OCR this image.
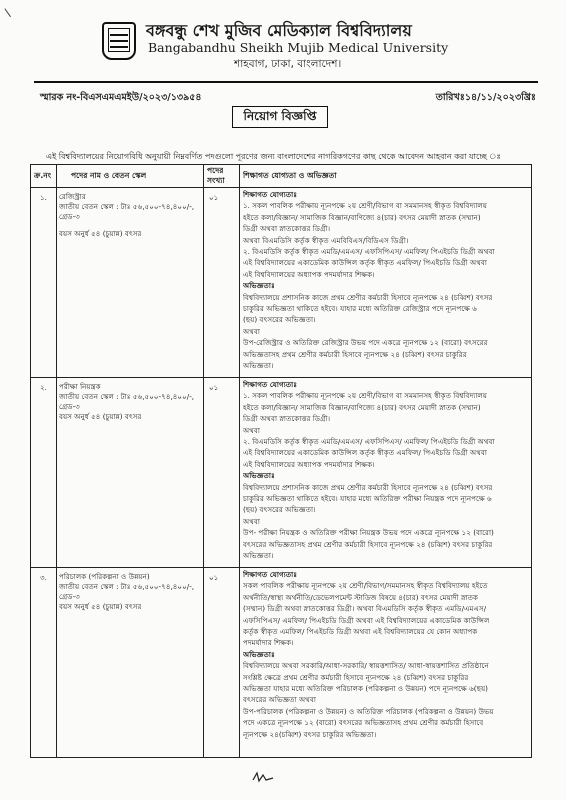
বঙ্গবন্ধু শেখ মুজিব মেডিক্যাল বিশ্ববিদ্যালয়
Bangabandhu Sheikh Mujib Medical University
শাহবাগ, ঢাকা, বাংলাদেশ।
স্মারক নং-বিএসএমএমইউ/২০২৩/১৩৯৫৪	তারিখঃ১৪/১১/২০২৩খ্রিঃ
নিয়োগ বিজ্ঞপ্তি
এই বিশ্ববিদ্যালয়ের নিয়োগবিধি অনুযায়ী নিম্নবর্ণিত পদগুলো পূরণের জন্য বাংলাদেশের নাগরিকগণের কাছ থেকে আবেদন আহবান করা যাচ্ছে ঃ
ক্র.নং	পদের নাম ও বেতন স্কেল
পদের
সংখ্যা
শিক্ষাগত যোগ্যতা ও অভিজ্ঞতা
১. রেজিস্ট্রার
জাতীয় বেতন স্কেল : টাঃ ৫৬,৫০০-৭৪,৪০০/-,
গ্রেড-৩
বয়স অনুর্ধ ৫৪ (চুয়ান্ন) বৎসর
০১
২. পরীক্ষা নিয়ন্ত্রক
জাতীয় বেতন স্কেল : টাঃ ৫৬,৫০০-৭৪,৪০০/-,
গ্রেড-৩
বয়স অনুর্ধ ৫৪ (চুয়ান্ন) বৎসর
০১
৩. পরিচালক (পরিকল্পনা ও উন্নয়ন)
জাতীয় বেতন স্কেল : টাঃ ৫৬,৫০০-৭৪,৪০০/-,
গ্রেড-৩
বয়স অনুর্ধ ৫৪ (চুয়ান্ন) বৎসর
০১
শিক্ষাগত যোগ্যতাঃ
১. সকল পাবলিক পরীক্ষায় ন্যূনপক্ষে ২য় শ্রেণী/বিভাগ বা সমমানসহ স্বীকৃত বিশ্ববিদ্যালয়
হইতে কলা/বিজ্ঞান/ সামাজিক বিজ্ঞান/বাণিজ্যে ৪(চার) বৎসর মেয়াদী স্নাতক (সম্মান)
ডিগ্রী অথবা স্নাতকোত্তর ডিগ্রী।
অথবা বিএমডিসি কর্তৃক স্বীকৃত এমবিবিএস/বিডিএস ডিগ্রী।
২. বিএমডিসি কর্তৃক স্বীকৃত এমডি/এমএস/ এফসিপিএস/ এমফিল/ পিএইচডি ডিগ্রী অথবা
এই বিশ্ববিদ্যালয়ের একাডেমিক কাউন্সিল কর্তৃক স্বীকৃত এমফিল/ পিএইচডি ডিগ্রী অথবা
এই বিশ্ববিদ্যালয়ের অধ্যাপক পদমর্যাদার শিক্ষক।
অভিজ্ঞতাঃ
বিশ্ববিদ্যালয়ে প্রশাসনিক কাজে প্রথম শ্রেণীর কর্মচারী হিসাবে ন্যূনপক্ষে ২৪ (চব্বিশ) বৎসর
চাকুরির অভিজ্ঞতা থাকিতে হইবে। যাহার মধ্যে অতিরিক্ত রেজিস্ট্রার পদে ন্যূনপক্ষে ৬
(ছয়) বৎসরের অভিজ্ঞতা।
অথবা
উপ-রেজিস্ট্রার ও অতিরিক্ত রেজিস্ট্রার উভয় পদে একত্রে ন্যূনপক্ষে ১২ (বারো) বৎসরের
অভিজ্ঞতাসহ প্রথম শ্রেণীর কর্মচারী হিসাবে ন্যূনপক্ষে ২৪ (চব্বিশ) বৎসর চাকুরির
অভিজ্ঞতা।
শিক্ষাগত যোগ্যতাঃ
১. সকল পাবলিক পরীক্ষায় ন্যূনপক্ষে ২য় শ্রেণী/বিভাগ বা সমমানসহ স্বীকৃত বিশ্ববিদ্যালয়
হইতে কলা/বিজ্ঞান/ সামাজিক বিজ্ঞান/বাণিজ্যে ৪(চার) বৎসর মেয়াদী স্নাতক (সম্মান)
ডিগ্রী অথবা স্নাতকোত্তর ডিগ্রী।
অথবা
২. বিএমডিসি কর্তৃক স্বীকৃত এমডি/এমএস/ এফসিপিএস/ এমফিল/ পিএইচডি ডিগ্রী অথবা
এই বিশ্ববিদ্যালয়ের একাডেমিক কাউন্সিল কর্তৃক স্বীকৃত এমফিল/ পিএইচডি ডিগ্রী অথবা
এই বিশ্ববিদ্যালয়ের অধ্যাপক পদমর্যাদার শিক্ষক।
অভিজ্ঞতাঃ
বিশ্ববিদ্যালয়ে প্রশাসনিক কাজে প্রথম শ্রেণীর কর্মচারী হিসাবে ন্যূনপক্ষে ২৪ (চব্বিশ) বৎসর
চাকুরির অভিজ্ঞতা থাকিতে হইবে। যাহার মধ্যে অতিরিক্ত পরীক্ষা নিয়ন্ত্রক পদে ন্যূনপক্ষে ৬
(ছয়) বৎসরের অভিজ্ঞতা।
অথবা
উপ- পরীক্ষা নিয়ন্ত্রক ও অতিরিক্ত পরীক্ষা নিয়ন্ত্রক উভয় পদে একত্রে ন্যূনপক্ষে ১২ (বারো)
বৎসরের অভিজ্ঞতাসহ প্রথম শ্রেণীর কর্মচারী হিসাবে ন্যূনপক্ষে ২৪ (চব্বিশ) বৎসর চাকুরির
অভিজ্ঞতা।
শিক্ষাগত যোগ্যতাঃ
সকল পাবলিক পরীক্ষায় ন্যূনপক্ষে ২য় শ্রেণী/বিভাগ/সমমানসহ স্বীকৃত বিশ্ববিদ্যালয় হইতে
অর্থনীতি/স্বাস্থ্য অর্থনীতি/ডেভেলপমেন্ট স্টাডিজ বিষয়ে ৪(চার) বৎসর মেয়াদী স্নাতক
(সম্মান) ডিগ্রী অথবা স্নাতকোত্তর ডিগ্রী। অথবা বিএমডিসি কর্তৃক স্বীকৃত এমডি/এমএস/
এফসিপিএস/ এমফিল/ পিএইচডি ডিগ্রী অথবা এই বিশ্ববিদ্যালয়ের একাডেমিক কাউন্সিল
কর্তৃক স্বীকৃত এমফিল/ পিএইচডি ডিগ্রী অথবা এই বিশ্ববিদ্যালয়ের যে কোন অধ্যাপক
পদমর্যাদার শিক্ষক।
অভিজ্ঞতাঃ
বিশ্ববিদ্যালয়ে অথবা সরকারি/আধা-সরকারি/ স্বায়ত্তশাসিত/ আধা-স্বায়ত্তশাসিত প্রতিষ্ঠানে
সংশ্লিষ্ট ক্ষেত্রে প্রথম শ্রেণীর কর্মচারী হিসাবে ন্যূনপক্ষে ২৪ (চব্বিশ) বৎসর চাকুরির
অভিজ্ঞতা যাহার মধ্যে অতিরিক্ত পরিচালক (পরিকল্পনা ও উন্নয়ন) পদে ন্যূনপক্ষে ৬(ছয়)
বৎসরের অভিজ্ঞতা অথবা
উপ-পরিচালক (পরিকল্পনা ও উন্নয়ন) ও অতিরিক্ত পরিচালক (পরিকল্পনা ও উন্নয়ন) উভয়
পদে একত্রে ন্যূনপক্ষে ১২ (বারো) বৎসরের অভিজ্ঞতাসহ প্রথম শ্রেণীর কর্মচারী হিসাবে
ন্যূনপক্ষে ২৪(চব্বিশ) বৎসর চাকুরির অভিজ্ঞতা।
